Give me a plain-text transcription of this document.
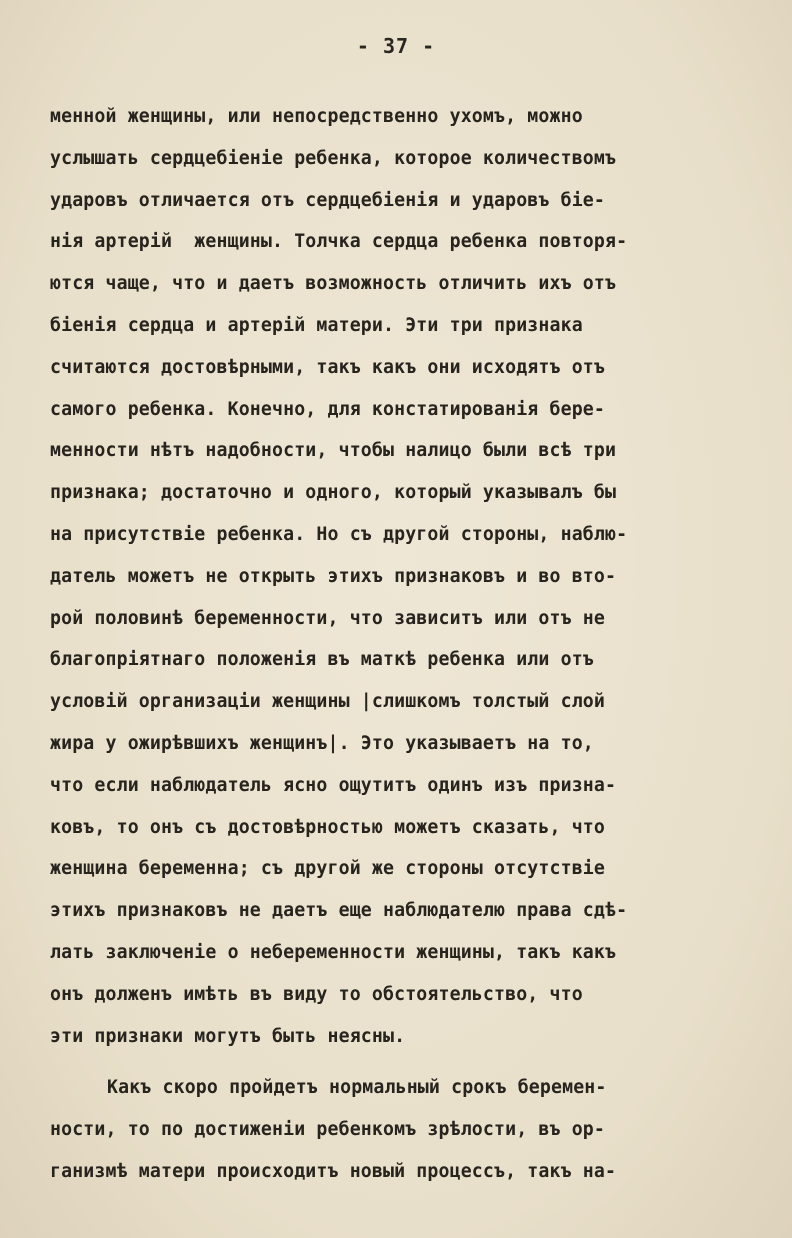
- 37 -
менной женщины, или непосредственно ухомъ, можно
услышать сердцебіеніе ребенка, которое количествомъ
ударовъ отличается отъ сердцебіенія и ударовъ біе-
нія артерій  женщины. Толчка сердца ребенка повторя-
ются чаще, что и даетъ возможность отличить ихъ отъ
біенія сердца и артерій матери. Эти три признака
считаются достовѣрными, такъ какъ они исходятъ отъ
самого ребенка. Конечно, для констатированія бере-
менности нѣтъ надобности, чтобы налицо были всѣ три
признака; достаточно и одного, который указывалъ бы
на присутствіе ребенка. Но съ другой стороны, наблю-
датель можетъ не открыть этихъ признаковъ и во вто-
рой половинѣ беременности, что зависитъ или отъ не
благопріятнаго положенія въ маткѣ ребенка или отъ
условій организаціи женщины |слишкомъ толстый слой
жира у ожирѣвшихъ женщинъ|. Это указываетъ на то,
что если наблюдатель ясно ощутитъ одинъ изъ призна-
ковъ, то онъ съ достовѣрностью можетъ сказать, что
женщина беременна; съ другой же стороны отсутствіе
этихъ признаковъ не даетъ еще наблюдателю права сдѣ-
лать заключеніе о небеременности женщины, такъ какъ
онъ долженъ имѣть въ виду то обстоятельство, что
эти признаки могутъ быть неясны.
Какъ скоро пройдетъ нормальный срокъ беремен-
ности, то по достиженіи ребенкомъ зрѣлости, въ ор-
ганизмѣ матери происходитъ новый процессъ, такъ на-
